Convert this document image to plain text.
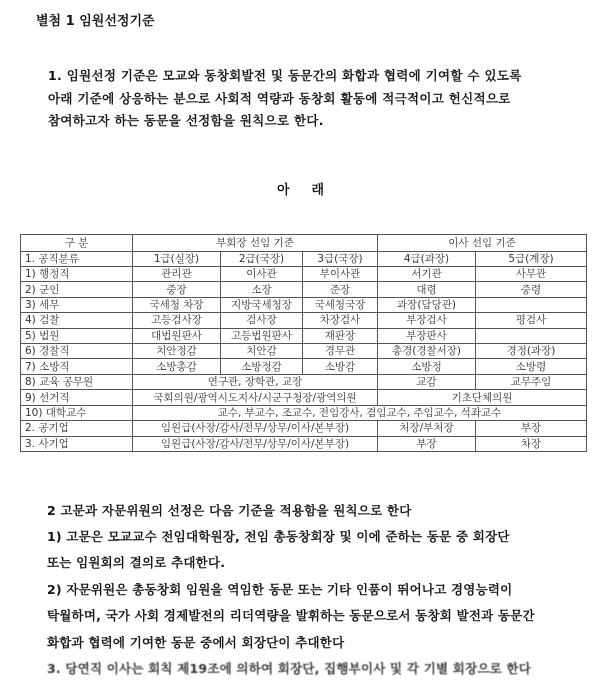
별첨 1 임원선정기준
1. 임원선정 기준은 모교와 동창회발전 및 동문간의 화합과 협력에 기여할 수 있도록
아래 기준에 상응하는 분으로 사회적 역량과 동창회 활동에 적극적이고 헌신적으로
참여하고자 하는 동문을 선정함을 원칙으로 한다.
아래
구 분	부회장 선임 기준			이사 선임 기준	
1. 공직분류	1급(실장)	2급(국장)	3급(국장)	4급(과장)	5급(계장)
1) 행정직	관리관	이사관	부이사관	서기관	사무관
2) 군인	중장	소장	준장	대령	중령
3) 세무	국세청 차장	지방국세청장	국세청국장	과장(담당관)	
4) 검찰	고등검사장	검사장	차장검사	부장검사	평검사
5) 법원	대법원판사	고등법원판사	재판장	부장판사	
6) 경찰직	치안정감	치안감	경무관	총경(경찰서장)	경정(과장)
7) 소방직	소방총감	소방정감	소방감	소방정	소방령
8) 교육 공무원	연구관, 장학관, 교장			교감	교무주임
9) 선거직	국회의원/광역시도지사/시군구청장/광역의원			기초단체의원	
10) 대학교수	교수, 부교수, 조교수, 전임강사, 겸임교수, 주임교수, 석좌교수				
2. 공기업	임원급(사장/감사/전무/상무/이사/본부장)			처장/부처장	부장
3. 사기업	임원급(사장/감사/전무/상무/이사/본부장)			부장	차장
2 고문과 자문위원의 선정은 다음 기준을 적용함을 원칙으로 한다
1) 고문은 모교교수 전임대학원장, 전임 총동창회장 및 이에 준하는 동문 중 회장단
또는 임원회의 결의로 추대한다.
2) 자문위원은 총동창회 임원을 역임한 동문 또는 기타 인품이 뛰어나고 경영능력이
탁월하며, 국가 사회 경제발전의 리더역량을 발휘하는 동문으로서 동창회 발전과 동문간
화합과 협력에 기여한 동문 중에서 회장단이 추대한다
3. 당연직 이사는 회칙 제19조에 의하여 회장단, 집행부이사 및 각 기별 회장으로 한다
